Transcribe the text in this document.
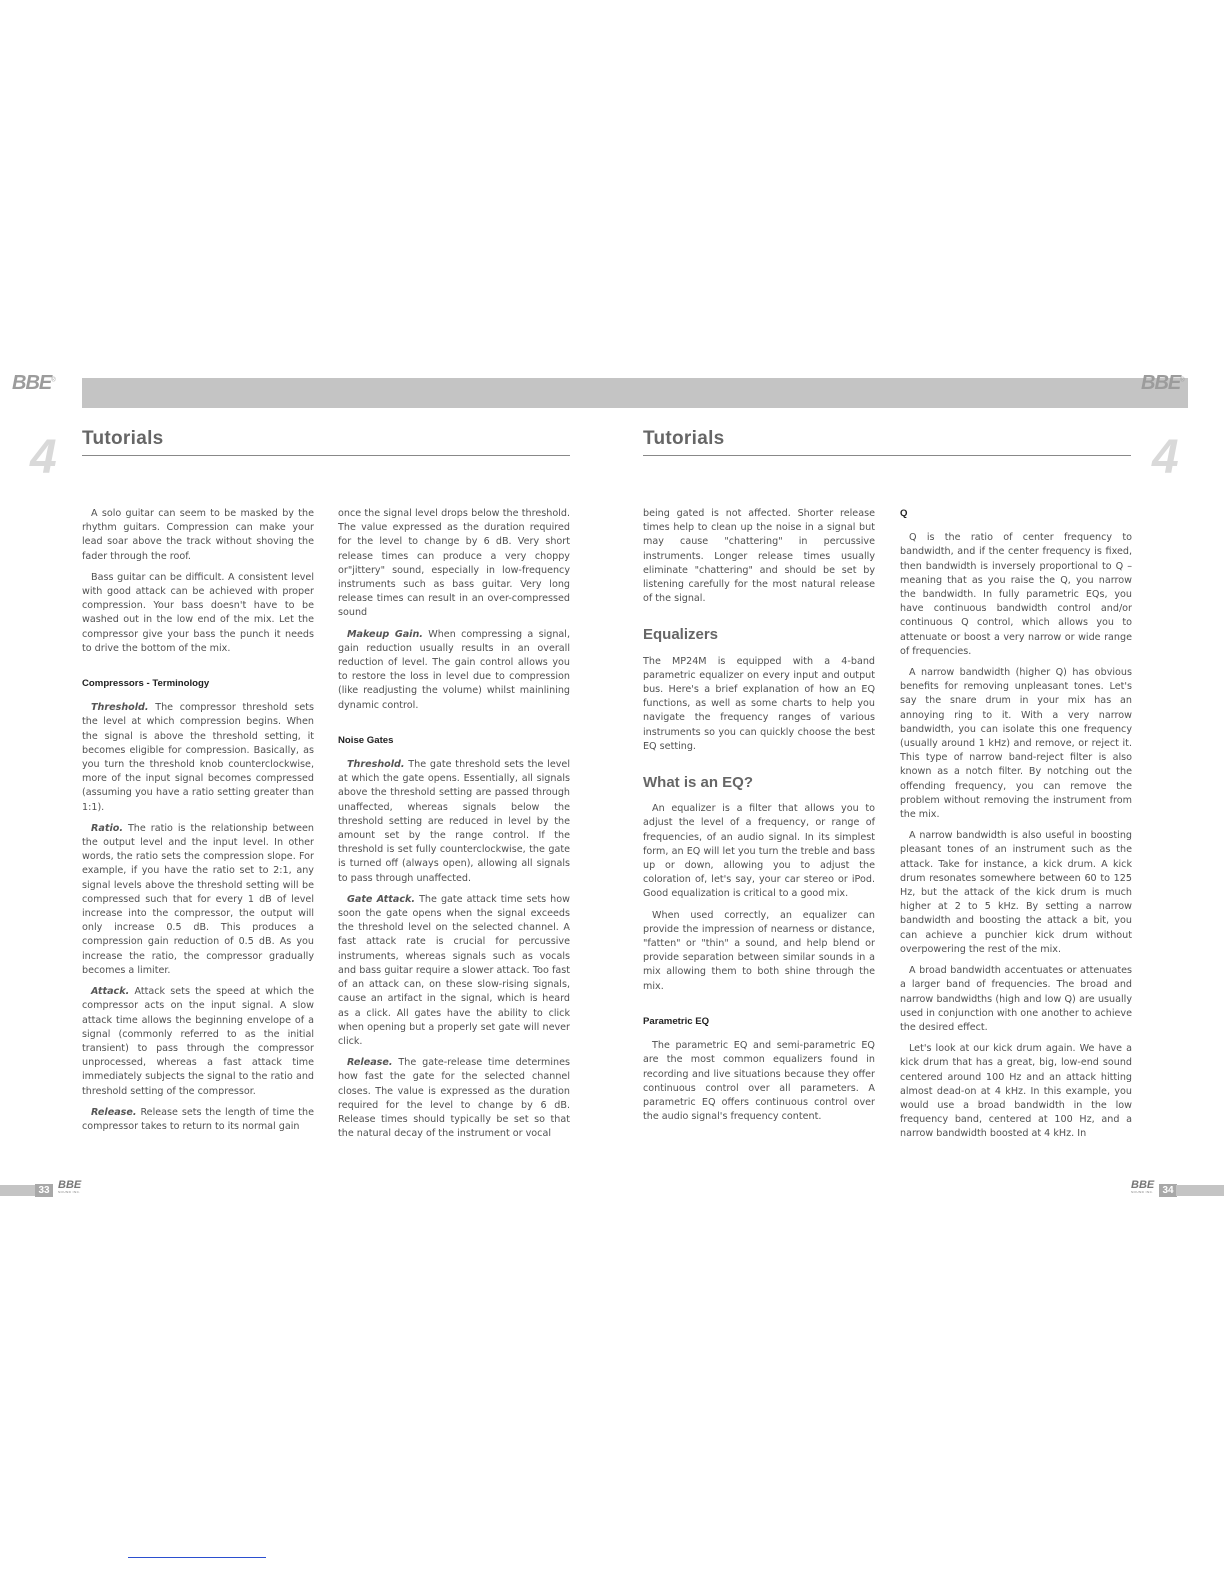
BBE®	BBE®
4 Tutorials	Tutorials	4

A solo guitar can seem to be masked by the rhythm guitars. Compression can make your lead soar above the track without shoving the fader through the roof.

Bass guitar can be difficult. A consistent level with good attack can be achieved with proper compression. Your bass doesn't have to be washed out in the low end of the mix. Let the compressor give your bass the punch it needs to drive the bottom of the mix.

Compressors - Terminology

Threshold. The compressor threshold sets the level at which compression begins. When the signal is above the threshold setting, it becomes eligible for compression. Basically, as you turn the threshold knob counterclockwise, more of the input signal becomes compressed (assuming you have a ratio setting greater than 1:1).

Ratio. The ratio is the relationship between the output level and the input level. In other words, the ratio sets the compression slope. For example, if you have the ratio set to 2:1, any signal levels above the threshold setting will be compressed such that for every 1 dB of level increase into the compressor, the output will only increase 0.5 dB. This produces a compression gain reduction of 0.5 dB. As you increase the ratio, the compressor gradually becomes a limiter.

Attack. Attack sets the speed at which the compressor acts on the input signal. A slow attack time allows the beginning envelope of a signal (commonly referred to as the initial transient) to pass through the compressor unprocessed, whereas a fast attack time immediately subjects the signal to the ratio and threshold setting of the compressor.

Release. Release sets the length of time the compressor takes to return to its normal gain

once the signal level drops below the threshold. The value expressed as the duration required for the level to change by 6 dB. Very short release times can produce a very choppy or"jittery" sound, especially in low-frequency instruments such as bass guitar. Very long release times can result in an over-compressed sound

Makeup Gain. When compressing a signal, gain reduction usually results in an overall reduction of level. The gain control allows you to restore the loss in level due to compression (like readjusting the volume) whilst mainlining dynamic control.

Noise Gates

Threshold. The gate threshold sets the level at which the gate opens. Essentially, all signals above the threshold setting are passed through unaffected, whereas signals below the threshold setting are reduced in level by the amount set by the range control. If the threshold is set fully counterclockwise, the gate is turned off (always open), allowing all signals to pass through unaffected.

Gate Attack. The gate attack time sets how soon the gate opens when the signal exceeds the threshold level on the selected channel. A fast attack rate is crucial for percussive instruments, whereas signals such as vocals and bass guitar require a slower attack. Too fast of an attack can, on these slow-rising signals, cause an artifact in the signal, which is heard as a click. All gates have the ability to click when opening but a properly set gate will never click.

Release. The gate-release time determines how fast the gate for the selected channel closes. The value is expressed as the duration required for the level to change by 6 dB. Release times should typically be set so that the natural decay of the instrument or vocal

being gated is not affected. Shorter release times help to clean up the noise in a signal but may cause "chattering" in percussive instruments. Longer release times usually eliminate "chattering" and should be set by listening carefully for the most natural release of the signal.

Equalizers

The MP24M is equipped with a 4-band parametric equalizer on every input and output bus. Here's a brief explanation of how an EQ functions, as well as some charts to help you navigate the frequency ranges of various instruments so you can quickly choose the best EQ setting.

What is an EQ?

An equalizer is a filter that allows you to adjust the level of a frequency, or range of frequencies, of an audio signal. In its simplest form, an EQ will let you turn the treble and bass up or down, allowing you to adjust the coloration of, let's say, your car stereo or iPod. Good equalization is critical to a good mix.

When used correctly, an equalizer can provide the impression of nearness or distance, "fatten" or "thin" a sound, and help blend or provide separation between similar sounds in a mix allowing them to both shine through the mix.

Parametric EQ

The parametric EQ and semi-parametric EQ are the most common equalizers found in recording and live situations because they offer continuous control over all parameters. A parametric EQ offers continuous control over the audio signal's frequency content.

Q

Q is the ratio of center frequency to bandwidth, and if the center frequency is fixed, then bandwidth is inversely proportional to Q – meaning that as you raise the Q, you narrow the bandwidth. In fully parametric EQs, you have continuous bandwidth control and/or continuous Q control, which allows you to attenuate or boost a very narrow or wide range of frequencies.

A narrow bandwidth (higher Q) has obvious benefits for removing unpleasant tones. Let's say the snare drum in your mix has an annoying ring to it. With a very narrow bandwidth, you can isolate this one frequency (usually around 1 kHz) and remove, or reject it. This type of narrow band-reject filter is also known as a notch filter. By notching out the offending frequency, you can remove the problem without removing the instrument from the mix.

A narrow bandwidth is also useful in boosting pleasant tones of an instrument such as the attack. Take for instance, a kick drum. A kick drum resonates somewhere between 60 to 125 Hz, but the attack of the kick drum is much higher at 2 to 5 kHz. By setting a narrow bandwidth and boosting the attack a bit, you can achieve a punchier kick drum without overpowering the rest of the mix.

A broad bandwidth accentuates or attenuates a larger band of frequencies. The broad and narrow bandwidths (high and low Q) are usually used in conjunction with one another to achieve the desired effect.

Let's look at our kick drum again. We have a kick drum that has a great, big, low-end sound centered around 100 Hz and an attack hitting almost dead-on at 4 kHz. In this example, you would use a broad bandwidth in the low frequency band, centered at 100 Hz, and a narrow bandwidth boosted at 4 kHz. In

33 BBE
SOUND INC.
BBE
SOUND INC. 34
